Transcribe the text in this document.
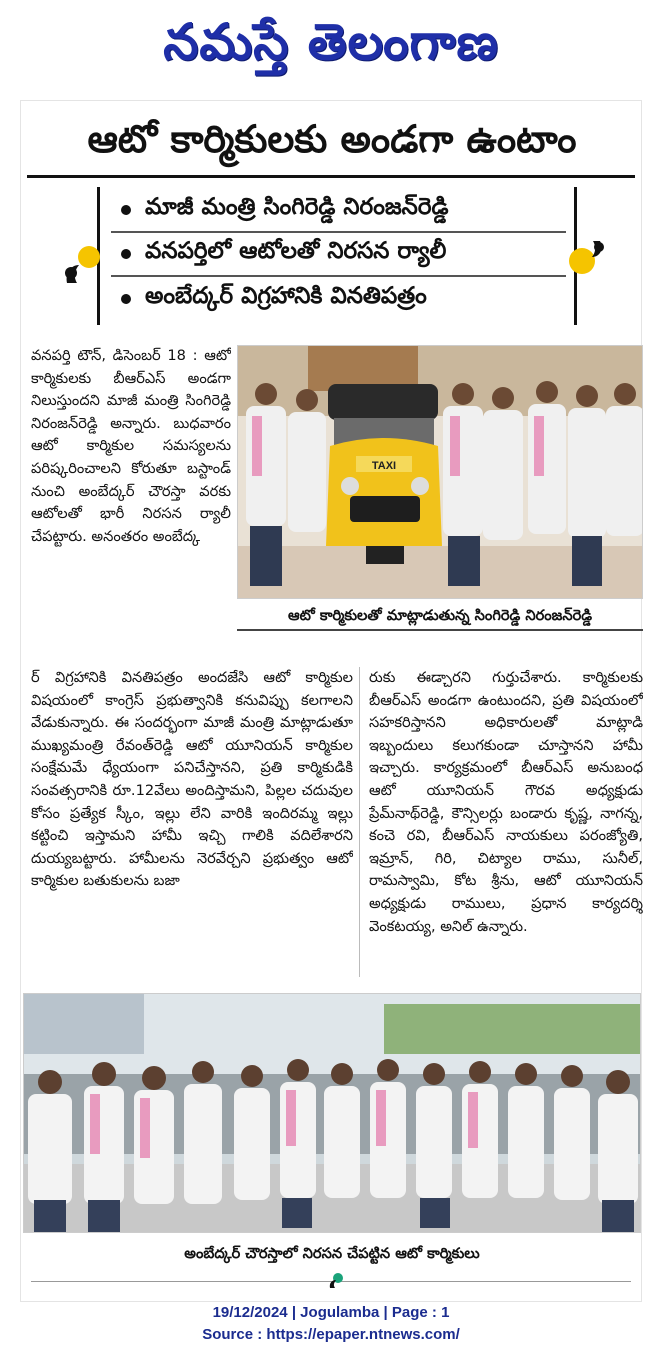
నమస్తే తెలంగాణ
ఆటో కార్మికులకు అండగా ఉంటాం
మాజీ మంత్రి సింగిరెడ్డి నిరంజన్‌రెడ్డి
వనపర్తిలో ఆటోలతో నిరసన ర్యాలీ
అంబేద్కర్ విగ్రహానికి వినతిపత్రం

వనపర్తి టౌన్, డిసెంబర్ 18 : ఆటో కార్మికులకు బీఆర్‌ఎస్ అండగా నిలుస్తుందని మాజీ మంత్రి సింగిరెడ్డి నిరంజన్‌రెడ్డి అన్నారు. బుధవారం ఆటో కార్మికుల సమస్యలను పరిష్కరించాలని కోరుతూ బస్టాండ్ నుంచి అంబేద్కర్ చౌరస్తా వరకు ఆటోలతో భారీ నిరసన ర్యాలీ చేపట్టారు. అనంతరం అంబేద్క

TAXI
ఆటో కార్మికులతో మాట్లాడుతున్న సింగిరెడ్డి నిరంజన్‌రెడ్డి

ర్ విగ్రహానికి వినతిపత్రం అందజేసి ఆటో కార్మికుల విషయంలో కాంగ్రెస్ ప్రభుత్వానికి కనువిప్పు కలగాలని వేడుకున్నారు. ఈ సందర్భంగా మాజీ మంత్రి మాట్లాడుతూ ముఖ్యమంత్రి రేవంత్‌రెడ్డి ఆటో యూనియన్ కార్మికుల సంక్షేమమే ధ్యేయంగా పనిచేస్తానని, ప్రతి కార్మికుడికి సంవత్సరానికి రూ.12వేలు అందిస్తామని, పిల్లల చదువుల కోసం ప్రత్యేక స్కీం, ఇల్లు లేని వారికి ఇందిరమ్మ ఇల్లు కట్టించి ఇస్తామని హామీ ఇచ్చి గాలికి వదిలేశారని దుయ్యబట్టారు. హామీలను నెరవేర్చని ప్రభుత్వం ఆటో కార్మికుల బతుకులను బజా

రుకు ఈడ్చారని గుర్తుచేశారు. కార్మికులకు బీఆర్‌ఎస్ అండగా ఉంటుందని, ప్రతి విషయంలో సహకరిస్తానని అధికారులతో మాట్లాడి ఇబ్బందులు కలుగకుండా చూస్తానని హామీ ఇచ్చారు. కార్యక్రమంలో బీఆర్‌ఎస్ అనుబంధ ఆటో యూనియన్ గౌరవ అధ్యక్షుడు ప్రేమ్‌నాథ్‌రెడ్డి, కౌన్సిలర్లు బండారు కృష్ణ, నాగన్న, కంచె రవి, బీఆర్‌ఎస్ నాయకులు పరంజ్యోతి, ఇమ్రాన్, గిరి, చిట్యాల రాము, సునీల్, రామస్వామి, కోట శ్రీను, ఆటో యూనియన్ అధ్యక్షుడు రాములు, ప్రధాన కార్యదర్శి వెంకటయ్య, అనిల్ ఉన్నారు.

అంబేద్కర్ చౌరస్తాలో నిరసన చేపట్టిన ఆటో కార్మికులు
19/12/2024 | Jogulamba | Page : 1
Source : https://epaper.ntnews.com/
